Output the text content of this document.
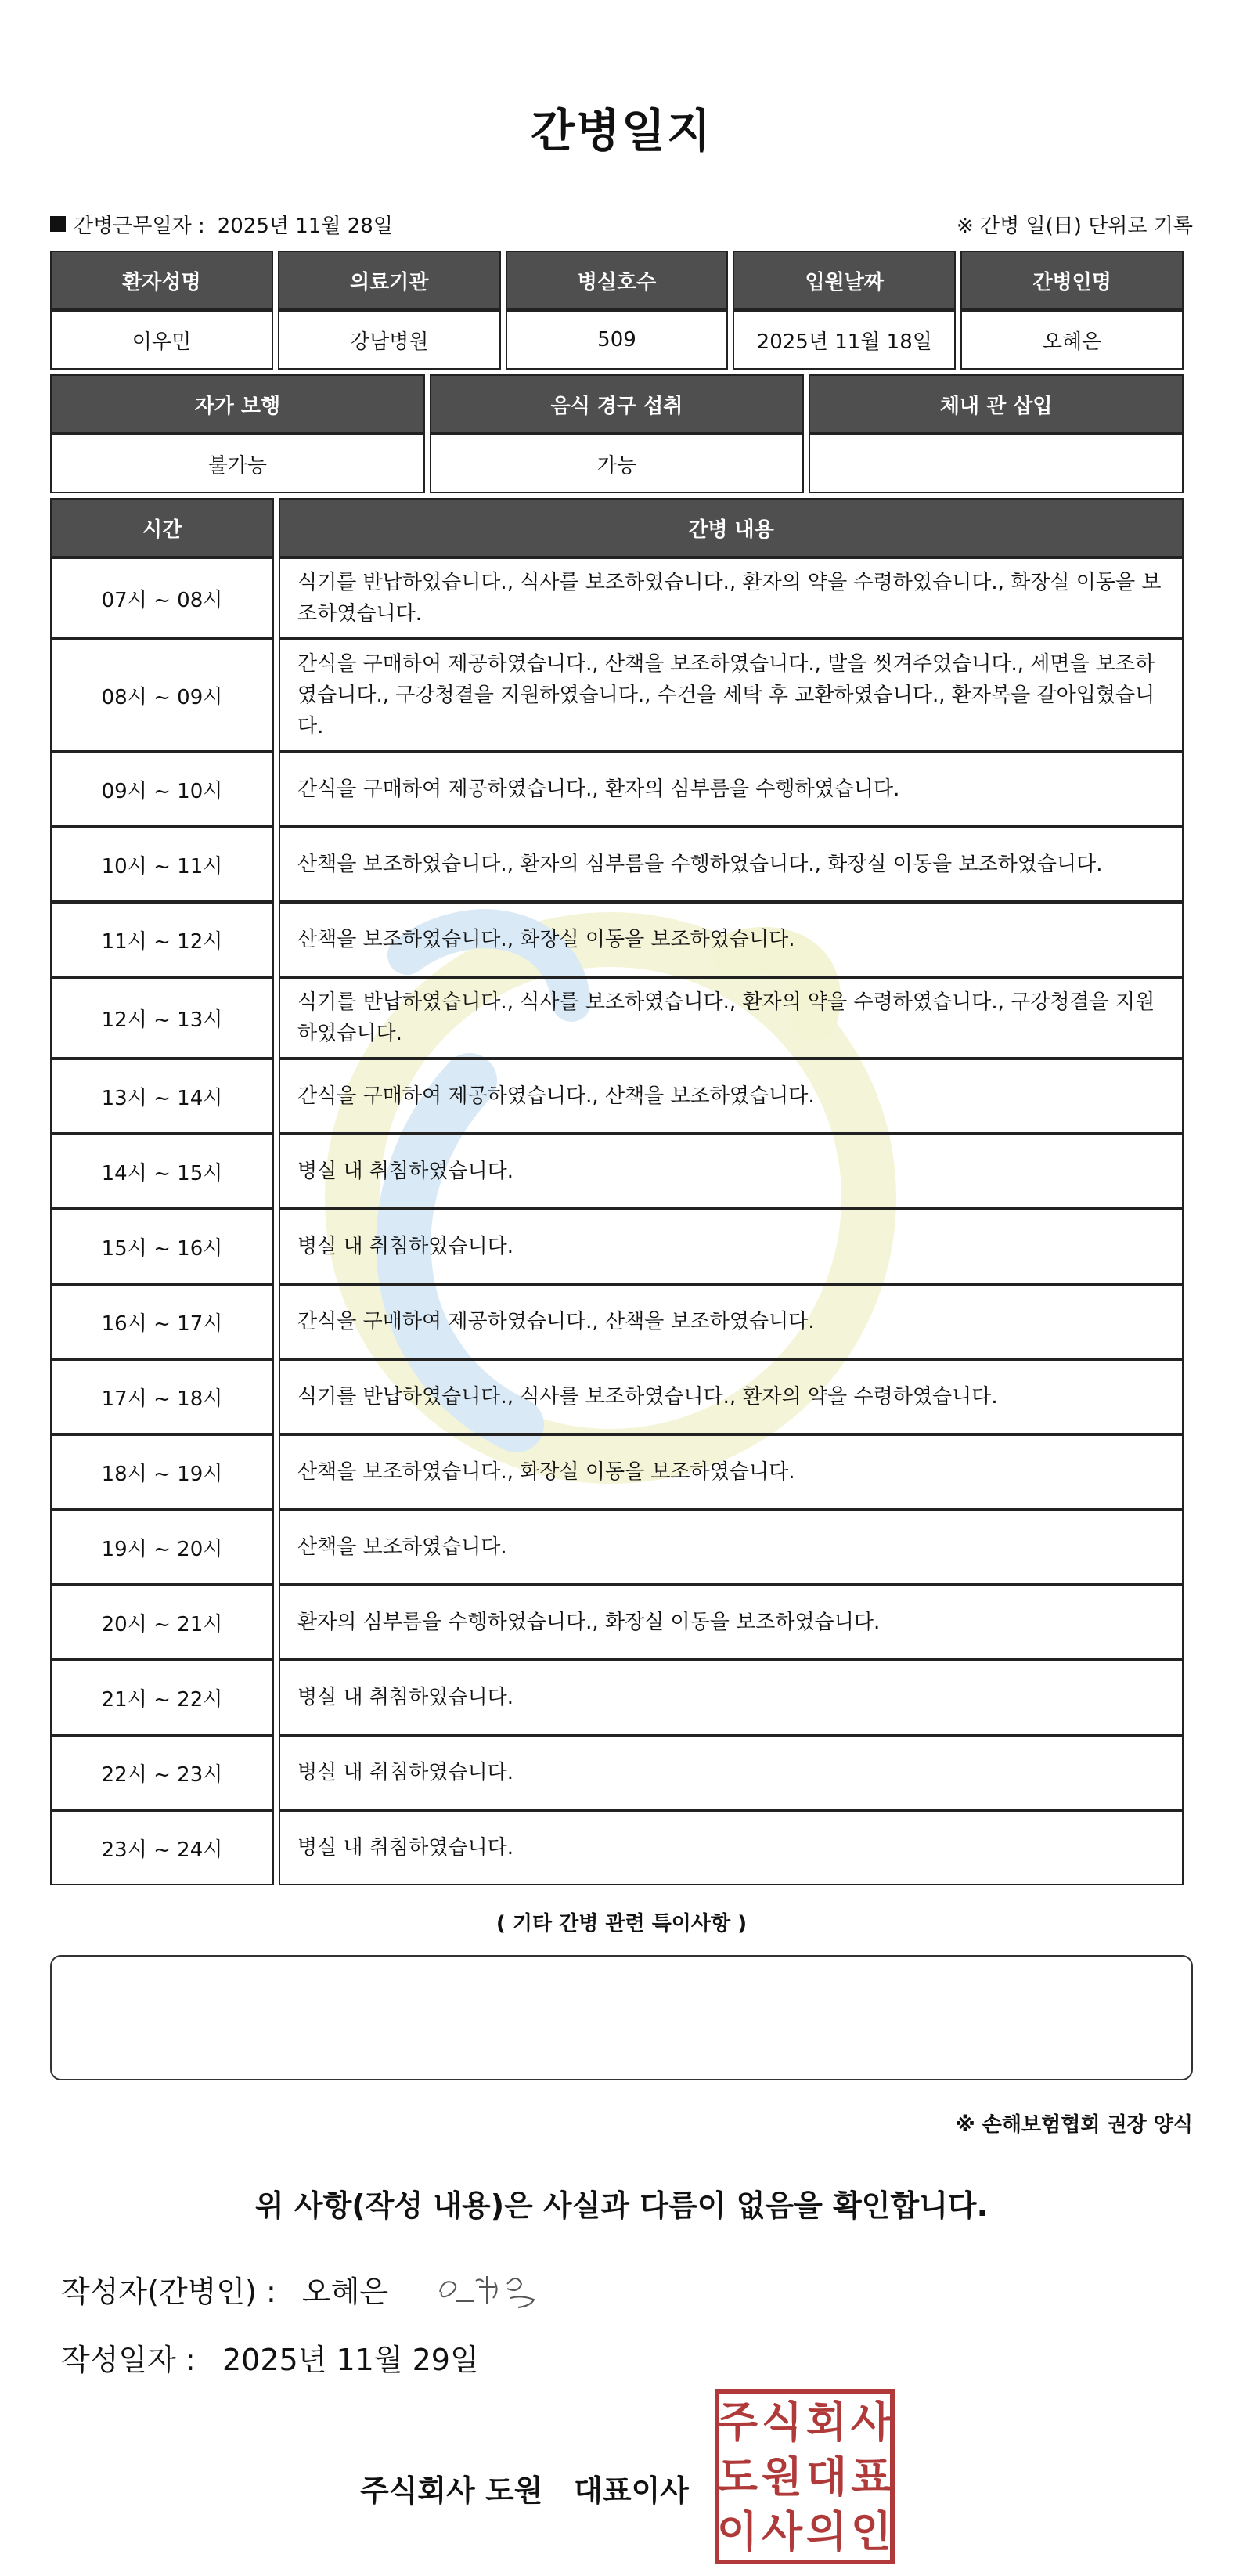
간병일지
간병근무일자 : 2025년 11월 28일	※ 간병 일(日) 단위로 기록
환자성명	의료기관	병실호수	입원날짜	간병인명
이우민	강남병원	509	2025년 11월 18일	오혜은
자가 보행	음식 경구 섭취	체내 관 삽입
불가능	가능	
시간	간병 내용
07시 ~ 08시	식기를 반납하였습니다., 식사를 보조하였습니다., 환자의 약을 수령하였습니다., 화장실 이동을 보조하였습니다.
08시 ~ 09시	간식을 구매하여 제공하였습니다., 산책을 보조하였습니다., 발을 씻겨주었습니다., 세면을 보조하였습니다., 구강청결을 지원하였습니다., 수건을 세탁 후 교환하였습니다., 환자복을 갈아입혔습니다.
09시 ~ 10시	간식을 구매하여 제공하였습니다., 환자의 심부름을 수행하였습니다.
10시 ~ 11시	산책을 보조하였습니다., 환자의 심부름을 수행하였습니다., 화장실 이동을 보조하였습니다.
11시 ~ 12시	산책을 보조하였습니다., 화장실 이동을 보조하였습니다.
12시 ~ 13시	식기를 반납하였습니다., 식사를 보조하였습니다., 환자의 약을 수령하였습니다., 구강청결을 지원하였습니다.
13시 ~ 14시	간식을 구매하여 제공하였습니다., 산책을 보조하였습니다.
14시 ~ 15시	병실 내 취침하였습니다.
15시 ~ 16시	병실 내 취침하였습니다.
16시 ~ 17시	간식을 구매하여 제공하였습니다., 산책을 보조하였습니다.
17시 ~ 18시	식기를 반납하였습니다., 식사를 보조하였습니다., 환자의 약을 수령하였습니다.
18시 ~ 19시	산책을 보조하였습니다., 화장실 이동을 보조하였습니다.
19시 ~ 20시	산책을 보조하였습니다.
20시 ~ 21시	환자의 심부름을 수행하였습니다., 화장실 이동을 보조하였습니다.
21시 ~ 22시	병실 내 취침하였습니다.
22시 ~ 23시	병실 내 취침하였습니다.
23시 ~ 24시	병실 내 취침하였습니다.
( 기타 간병 관련 특이사항 )
※ 손해보험협회 권장 양식
위 사항(작성 내용)은 사실과 다름이 없음을 확인합니다.
작성자(간병인) : 오혜은
작성일자 : 2025년 11월 29일
주식회사 도원   대표이사
주 식 회 사
도 원 대 표
이 사 의 인
